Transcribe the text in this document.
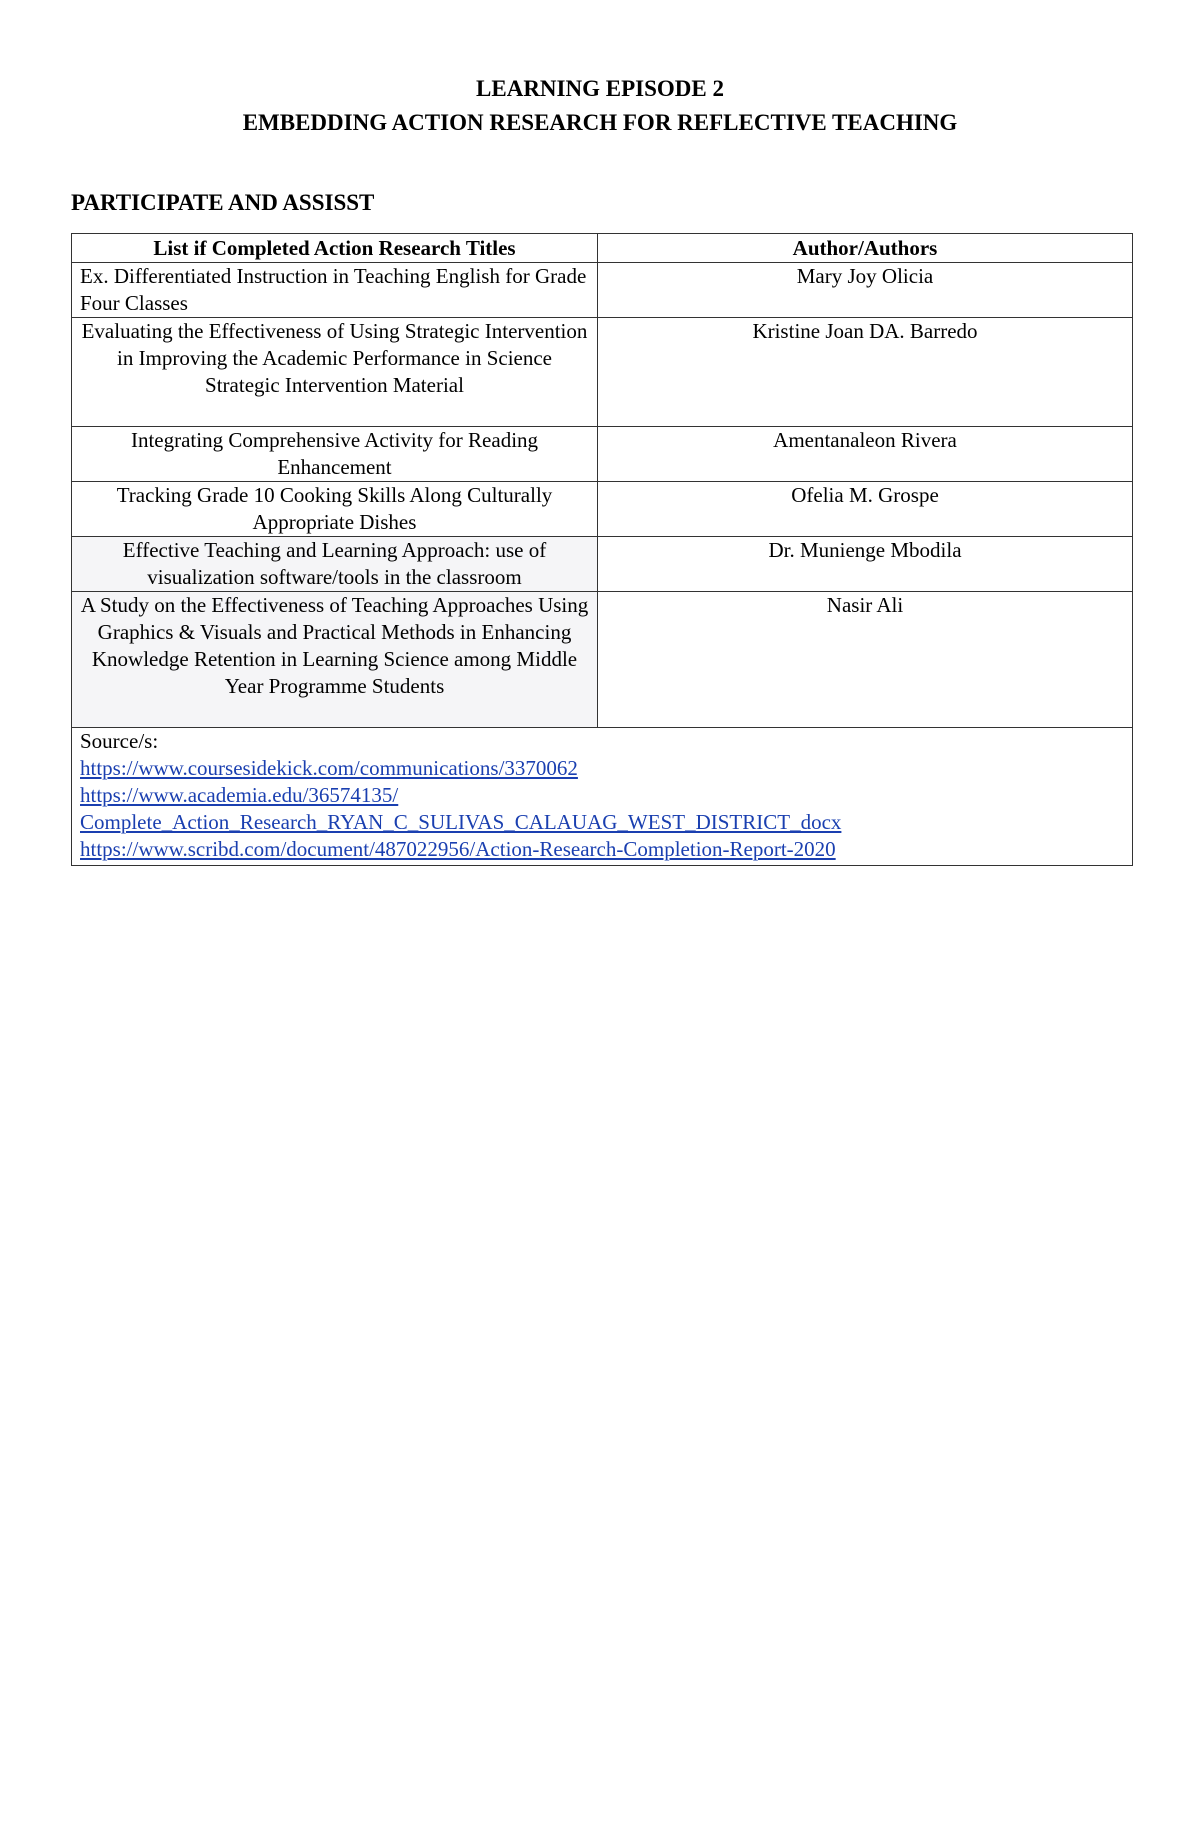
LEARNING EPISODE 2
EMBEDDING ACTION RESEARCH FOR REFLECTIVE TEACHING
PARTICIPATE AND ASSISST
List if Completed Action Research Titles	Author/Authors
Ex. Differentiated Instruction in Teaching English for Grade Four Classes	Mary Joy Olicia
Evaluating the Effectiveness of Using Strategic Intervention in Improving the Academic Performance in Science Strategic Intervention Material	Kristine Joan DA. Barredo
Integrating Comprehensive Activity for Reading Enhancement	Amentanaleon Rivera
Tracking Grade 10 Cooking Skills Along Culturally Appropriate Dishes	Ofelia M. Grospe
Effective Teaching and Learning Approach: use of visualization software/tools in the classroom	Dr. Munienge Mbodila
A Study on the Effectiveness of Teaching Approaches Using Graphics & Visuals and Practical Methods in Enhancing Knowledge Retention in Learning Science among Middle Year Programme Students	Nasir Ali

Source/s:
https://www.coursesidekick.com/communications/3370062
https://www.academia.edu/36574135/
Complete_Action_Research_RYAN_C_SULIVAS_CALAUAG_WEST_DISTRICT_docx
https://www.scribd.com/document/487022956/Action-Research-Completion-Report-2020	
